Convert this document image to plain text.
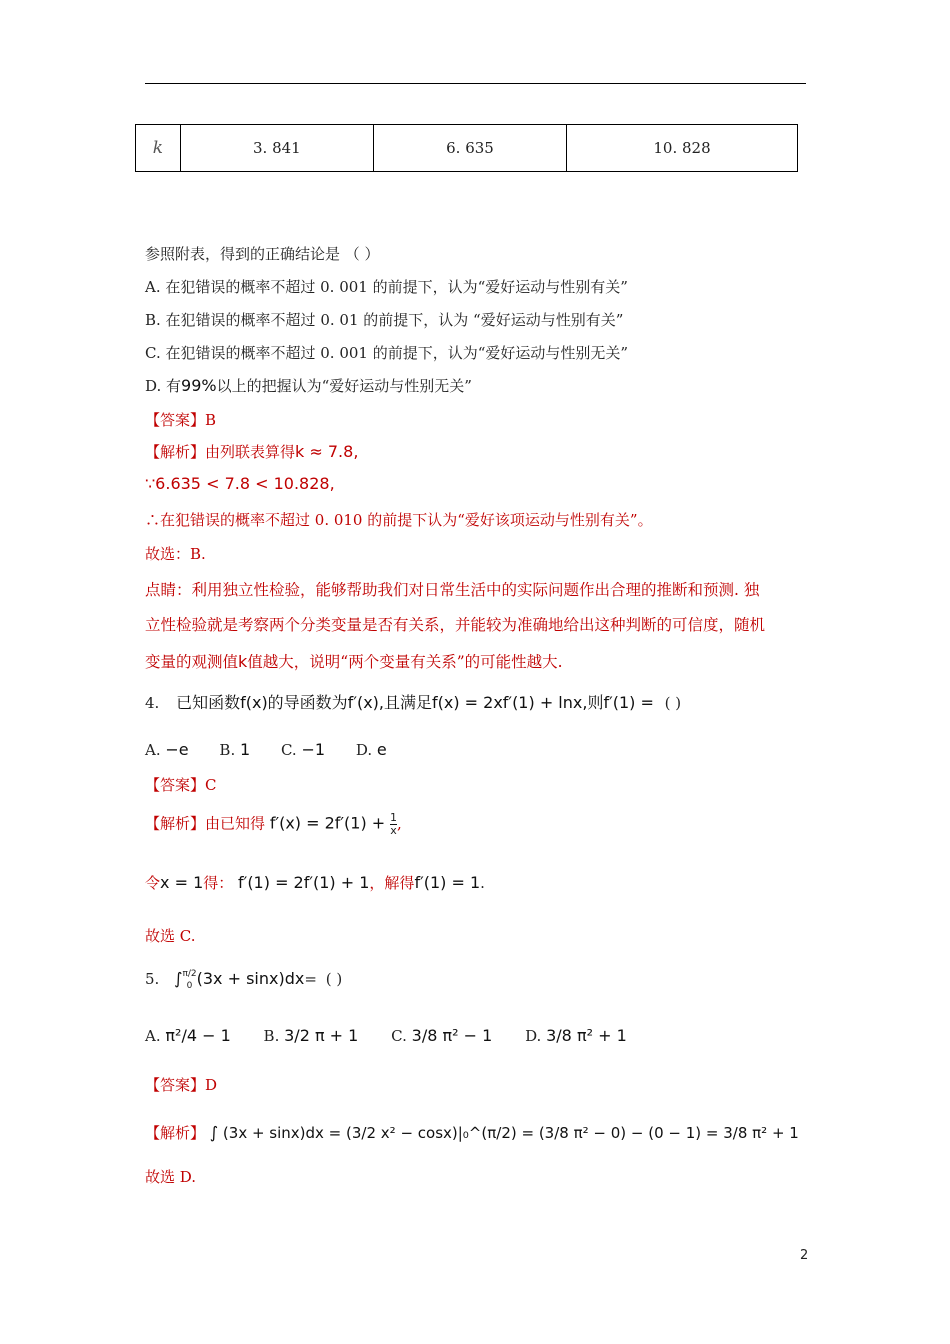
k	3. 841	6. 635	10. 828
参照附表，得到的正确结论是 （ ）
A. 在犯错误的概率不超过 0. 001 的前提下，认为“爱好运动与性别有关”
B. 在犯错误的概率不超过 0. 01 的前提下，认为 “爱好运动与性别有关”
C. 在犯错误的概率不超过 0. 001 的前提下，认为“爱好运动与性别无关”
D. 有99%以上的把握认为“爱好运动与性别无关”
【答案】B
【解析】由列联表算得k ≈ 7.8,
∵6.635 < 7.8 < 10.828,
∴在犯错误的概率不超过 0. 010 的前提下认为“爱好该项运动与性别有关”。
故选：B.
点睛：利用独立性检验，能够帮助我们对日常生活中的实际问题作出合理的推断和预测. 独
立性检验就是考察两个分类变量是否有关系，并能较为准确地给出这种判断的可信度，随机
变量的观测值k值越大，说明“两个变量有关系”的可能性越大.
4. 已知函数f(x)的导函数为f′(x),且满足f(x) = 2xf′(1) + lnx,则f′(1) = ( )
A. −e B. 1 C. −1 D. e
【答案】C
【解析】由已知得 $f'(x) = 2f'(1) + \frac{1}{x}$ ,
令x = 1得： f′(1) = 2f′(1) + 1，解得f′(1) = 1.
故选 C.
5. ∫ π/2
0 (3x + sinx)dx= ( )
A. π²/4 − 1 B. 3/2 π + 1 C. 3/8 π² − 1 D. 3/8 π² + 1
【答案】D
【解析】 ∫ (3x + sinx)dx = (3/2 x² − cosx)|₀^(π/2) = (3/8 π² − 0) − (0 − 1) = 3/8 π² + 1
故选 D.
2
